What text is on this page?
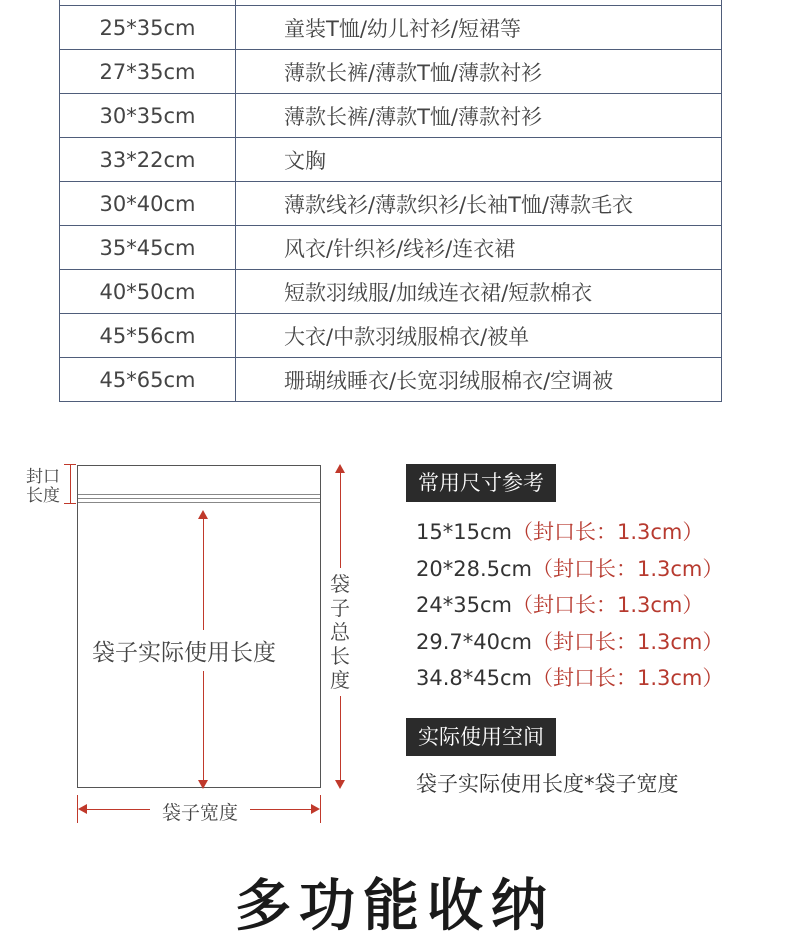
25*35cm	童装T恤/幼儿衬衫/短裙等
27*35cm	薄款长裤/薄款T恤/薄款衬衫
30*35cm	薄款长裤/薄款T恤/薄款衬衫
33*22cm	文胸
30*40cm	薄款线衫/薄款织衫/长袖T恤/薄款毛衣
35*45cm	风衣/针织衫/线衫/连衣裙
40*50cm	短款羽绒服/加绒连衣裙/短款棉衣
45*56cm	大衣/中款羽绒服棉衣/被单
45*65cm	珊瑚绒睡衣/长宽羽绒服棉衣/空调被
封口长度
袋子实际使用长度
袋子总长度
袋子宽度
常用尺寸参考
15*15cm（封口长：1.3cm）
20*28.5cm（封口长：1.3cm）
24*35cm（封口长：1.3cm）
29.7*40cm（封口长：1.3cm）
34.8*45cm（封口长：1.3cm）
实际使用空间
袋子实际使用长度*袋子宽度
多功能收纳
